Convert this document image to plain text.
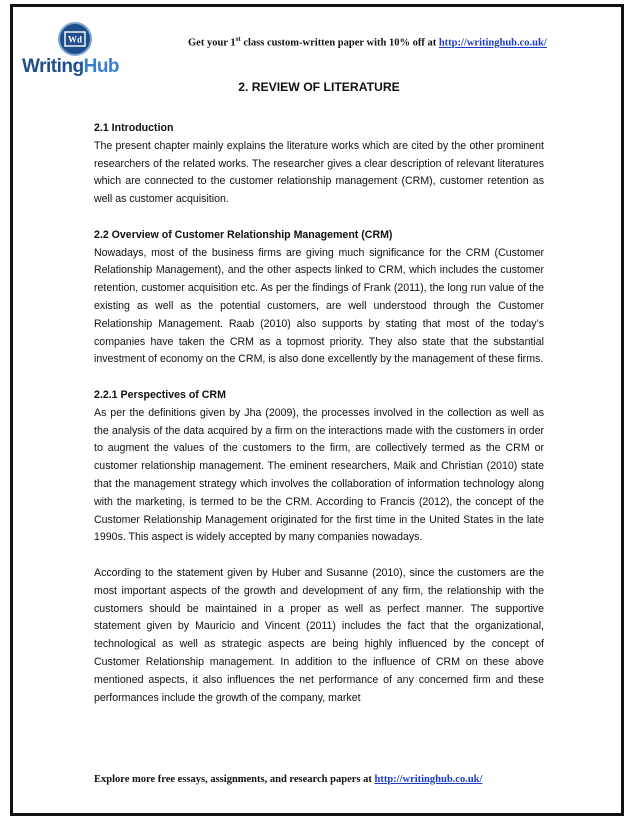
Wd
WritingHub
Get your 1st class custom-written paper with 10% off at http://writinghub.co.uk/
2. REVIEW OF LITERATURE
2.1 Introduction

The present chapter mainly explains the literature works which are cited by the other prominent researchers of the related works. The researcher gives a clear description of relevant literatures which are connected to the customer relationship management (CRM), customer retention as well as customer acquisition.

2.2 Overview of Customer Relationship Management (CRM)

Nowadays, most of the business firms are giving much significance for the CRM (Customer Relationship Management), and the other aspects linked to CRM, which includes the customer retention, customer acquisition etc. As per the findings of Frank (2011), the long run value of the existing as well as the potential customers, are well understood through the Customer Relationship Management. Raab (2010) also supports by stating that most of the today’s companies have taken the CRM as a topmost priority. They also state that the substantial investment of economy on the CRM, is also done excellently by the management of these firms.

2.2.1 Perspectives of CRM

As per the definitions given by Jha (2009), the processes involved in the collection as well as the analysis of the data acquired by a firm on the interactions made with the customers in order to augment the values of the customers to the firm, are collectively termed as the CRM or customer relationship management. The eminent researchers, Maik and Christian (2010) state that the management strategy which involves the collaboration of information technology along with the marketing, is termed to be the CRM. According to Francis (2012), the concept of the Customer Relationship Management originated for the first time in the United States in the late 1990s. This aspect is widely accepted by many companies nowadays.

According to the statement given by Huber and Susanne (2010), since the customers are the most important aspects of the growth and development of any firm, the relationship with the customers should be maintained in a proper as well as perfect manner. The supportive statement given by Mauricio and Vincent (2011) includes the fact that the organizational, technological as well as strategic aspects are being highly influenced by the concept of Customer Relationship management. In addition to the influence of CRM on these above mentioned aspects, it also influences the net performance of any concerned firm and these performances include the growth of the company, market

Explore more free essays, assignments, and research papers at http://writinghub.co.uk/
